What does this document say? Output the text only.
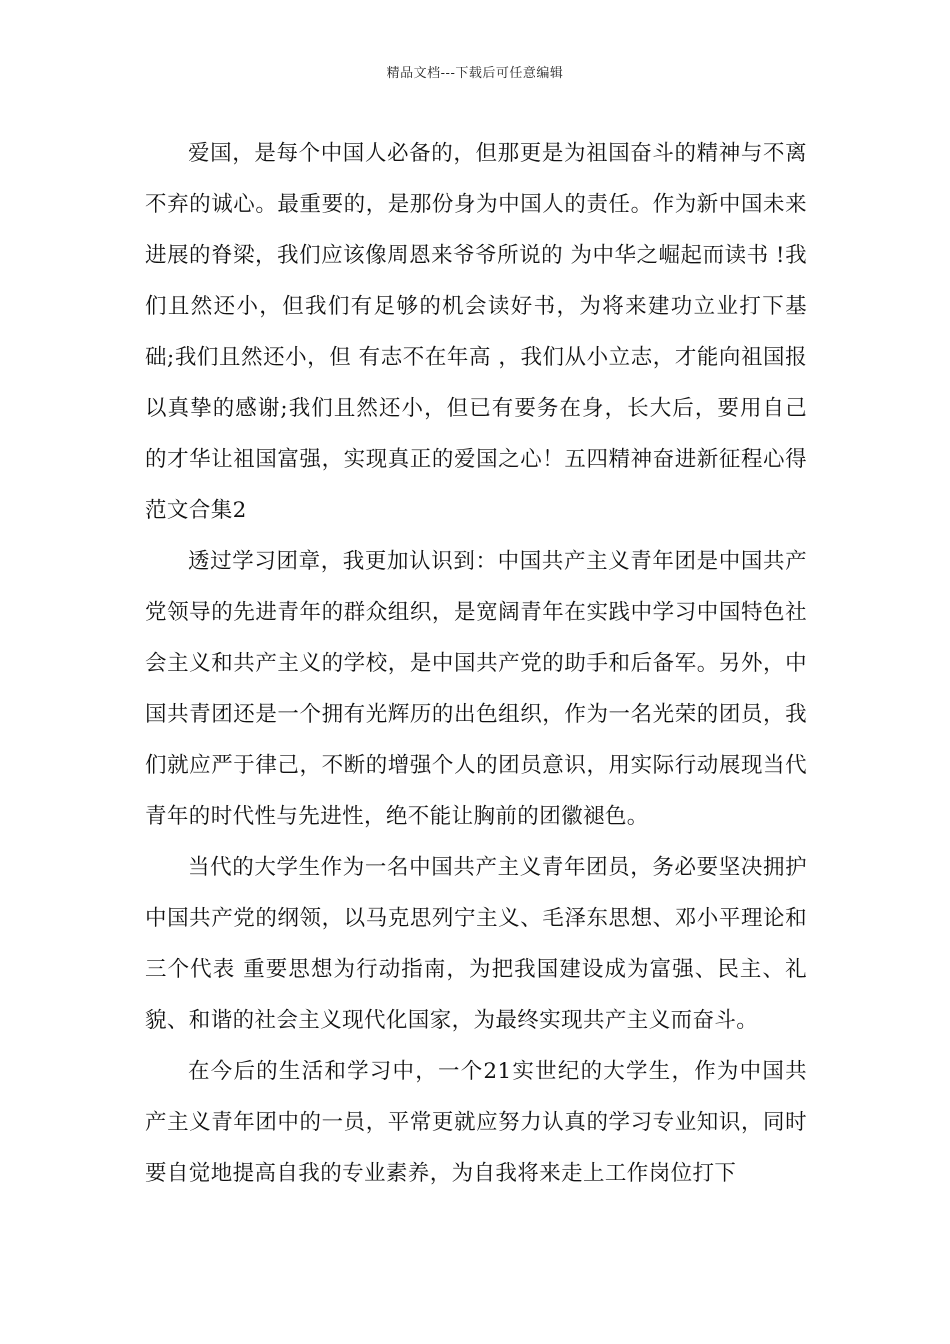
精品文档---下载后可任意编辑

爱国，是每个中国人必备的，但那更是为祖国奋斗的精神与不离不弃的诚心。最重要的，是那份身为中国人的责任。作为新中国未来进展的脊梁，我们应该像周恩来爷爷所说的 为中华之崛起而读书 !我们且然还小，但我们有足够的机会读好书，为将来建功立业打下基础;我们且然还小，但 有志不在年高 ，我们从小立志，才能向祖国报以真挚的感谢;我们且然还小，但已有要务在身，长大后，要用自己的才华让祖国富强，实现真正的爱国之心！五四精神奋进新征程心得范文合集2

透过学习团章，我更加认识到：中国共产主义青年团是中国共产党领导的先进青年的群众组织，是宽阔青年在实践中学习中国特色社会主义和共产主义的学校，是中国共产党的助手和后备军。另外，中国共青团还是一个拥有光辉历的出色组织，作为一名光荣的团员，我们就应严于律己，不断的增强个人的团员意识，用实际行动展现当代青年的时代性与先进性，绝不能让胸前的团徽褪色。

当代的大学生作为一名中国共产主义青年团员，务必要坚决拥护中国共产党的纲领，以马克思列宁主义、毛泽东思想、邓小平理论和 三个代表 重要思想为行动指南，为把我国建设成为富强、民主、礼貌、和谐的社会主义现代化国家，为最终实现共产主义而奋斗。

在今后的生活和学习中，一个21实世纪的大学生，作为中国共产主义青年团中的一员，平常更就应努力认真的学习专业知识，同时要自觉地提高自我的专业素养，为自我将来走上工作岗位打下
